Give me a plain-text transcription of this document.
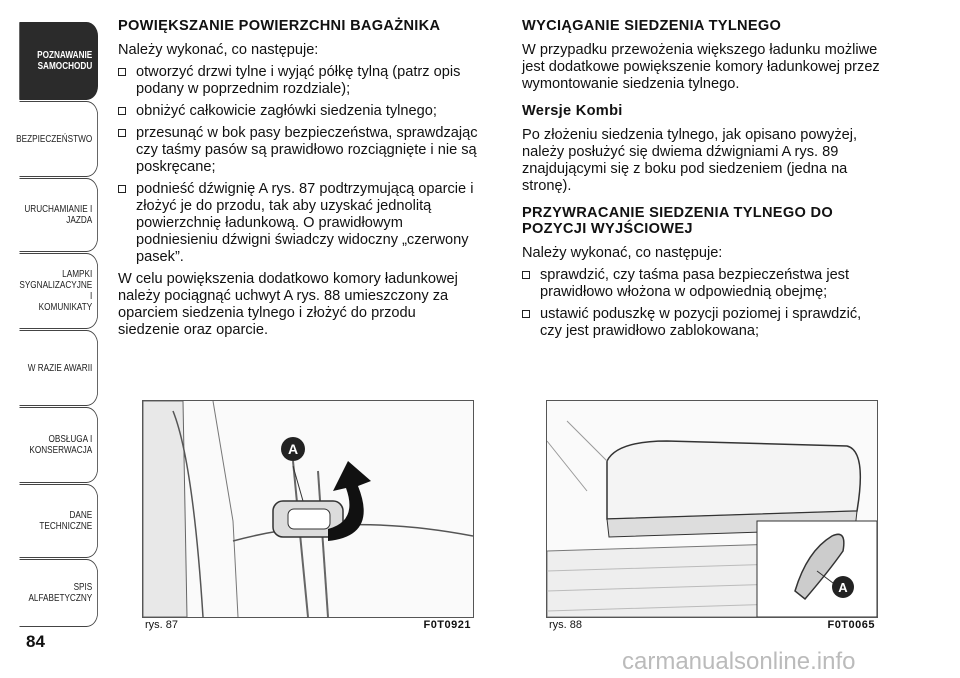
POZNAWANIE
SAMOCHODU
BEZPIECZEŃSTWO
URUCHAMIANIE I
JAZDA
LAMPKI
SYGNALIZACYJNE I
KOMUNIKATY
W RAZIE AWARII
OBSŁUGA I
KONSERWACJA
DANE TECHNICZNE
SPIS ALFABETYCZNY
84
POWIĘKSZANIE POWIERZCHNI BAGAŻNIKA

Należy wykonać, co następuje:

otworzyć drzwi tylne i wyjąć półkę tylną (patrz opis podany w poprzednim rozdziale);
obniżyć całkowicie zagłówki siedzenia tylnego;
przesunąć w bok pasy bezpieczeństwa, sprawdzając czy taśmy pasów są prawidłowo rozciągnięte i nie są poskręcane;
podnieść dźwignię A rys. 87 podtrzymującą oparcie i złożyć je do przodu, tak aby uzyskać jednolitą powierzchnię ładunkową. O prawidłowym podniesieniu dźwigni świadczy widoczny „czerwony pasek”.

W celu powiększenia dodatkowo komory ładunkowej należy pociągnąć uchwyt A rys. 88 umieszczony za oparciem siedzenia tylnego i złożyć do przodu siedzenie oraz oparcie.

WYCIĄGANIE SIEDZENIA TYLNEGO

W przypadku przewożenia większego ładunku możliwe jest dodatkowe powiększenie komory ładunkowej przez wymontowanie siedzenia tylnego.

Wersje Kombi

Po złożeniu siedzenia tylnego, jak opisano powyżej, należy posłużyć się dwiema dźwigniami A rys. 89 znajdującymi się z boku pod siedzeniem (jedna na stronę).

PRZYWRACANIE SIEDZENIA TYLNEGO DO POZYCJI WYJŚCIOWEJ

Należy wykonać, co następuje:

sprawdzić, czy taśma pasa bezpieczeństwa jest prawidłowo włożona w odpowiednią obejmę;
ustawić poduszkę w pozycji poziomej i sprawdzić, czy jest prawidłowo zablokowana;
A
rys. 87	F0T0921
A
rys. 88	F0T0065
carmanualsonline.info
